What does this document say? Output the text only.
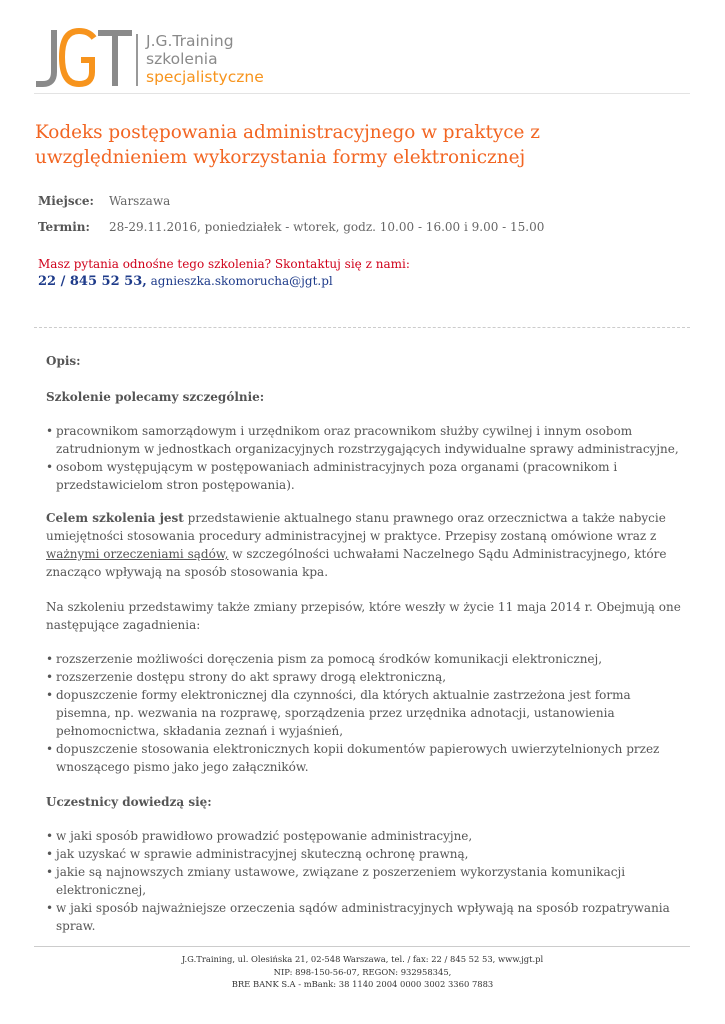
J.G.Training
szkolenia
specjalistyczne
Kodeks postępowania administracyjnego w praktyce z uwzględnieniem wykorzystania formy elektronicznej
Miejsce: Warszawa
Termin: 28-29.11.2016, poniedziałek - wtorek, godz. 10.00 - 16.00 i 9.00 - 15.00
Masz pytania odnośne tego szkolenia? Skontaktuj się z nami:
22 / 845 52 53, agnieszka.skomorucha@jgt.pl

Opis:

Szkolenie polecamy szczególnie:

• pracownikom samorządowym i urzędnikom oraz pracownikom służby cywilnej i innym osobom zatrudnionym w jednostkach organizacyjnych rozstrzygających indywidualne sprawy administracyjne,
• osobom występującym w postępowaniach administracyjnych poza organami (pracownikom i przedstawicielom stron postępowania).

Celem szkolenia jest przedstawienie aktualnego stanu prawnego oraz orzecznictwa a także nabycie umiejętności stosowania procedury administracyjnej w praktyce. Przepisy zostaną omówione wraz z ważnymi orzeczeniami sądów, w szczególności uchwałami Naczelnego Sądu Administracyjnego, które znacząco wpływają na sposób stosowania kpa.

Na szkoleniu przedstawimy także zmiany przepisów, które weszły w życie 11 maja 2014 r. Obejmują one następujące zagadnienia:

• rozszerzenie możliwości doręczenia pism za pomocą środków komunikacji elektronicznej,
• rozszerzenie dostępu strony do akt sprawy drogą elektroniczną,
• dopuszczenie formy elektronicznej dla czynności, dla których aktualnie zastrzeżona jest forma pisemna, np. wezwania na rozprawę, sporządzenia przez urzędnika adnotacji, ustanowienia pełnomocnictwa, składania zeznań i wyjaśnień,
• dopuszczenie stosowania elektronicznych kopii dokumentów papierowych uwierzytelnionych przez wnoszącego pismo jako jego załączników.

Uczestnicy dowiedzą się:

• w jaki sposób prawidłowo prowadzić postępowanie administracyjne,
• jak uzyskać w sprawie administracyjnej skuteczną ochronę prawną,
• jakie są najnowszych zmiany ustawowe, związane z poszerzeniem wykorzystania komunikacji elektronicznej,
• w jaki sposób najważniejsze orzeczenia sądów administracyjnych wpływają na sposób rozpatrywania spraw.
J.G.Training, ul. Olesińska 21, 02-548 Warszawa, tel. / fax: 22 / 845 52 53, www.jgt.pl
NIP: 898-150-56-07, REGON: 932958345,
BRE BANK S.A - mBank: 38 1140 2004 0000 3002 3360 7883
